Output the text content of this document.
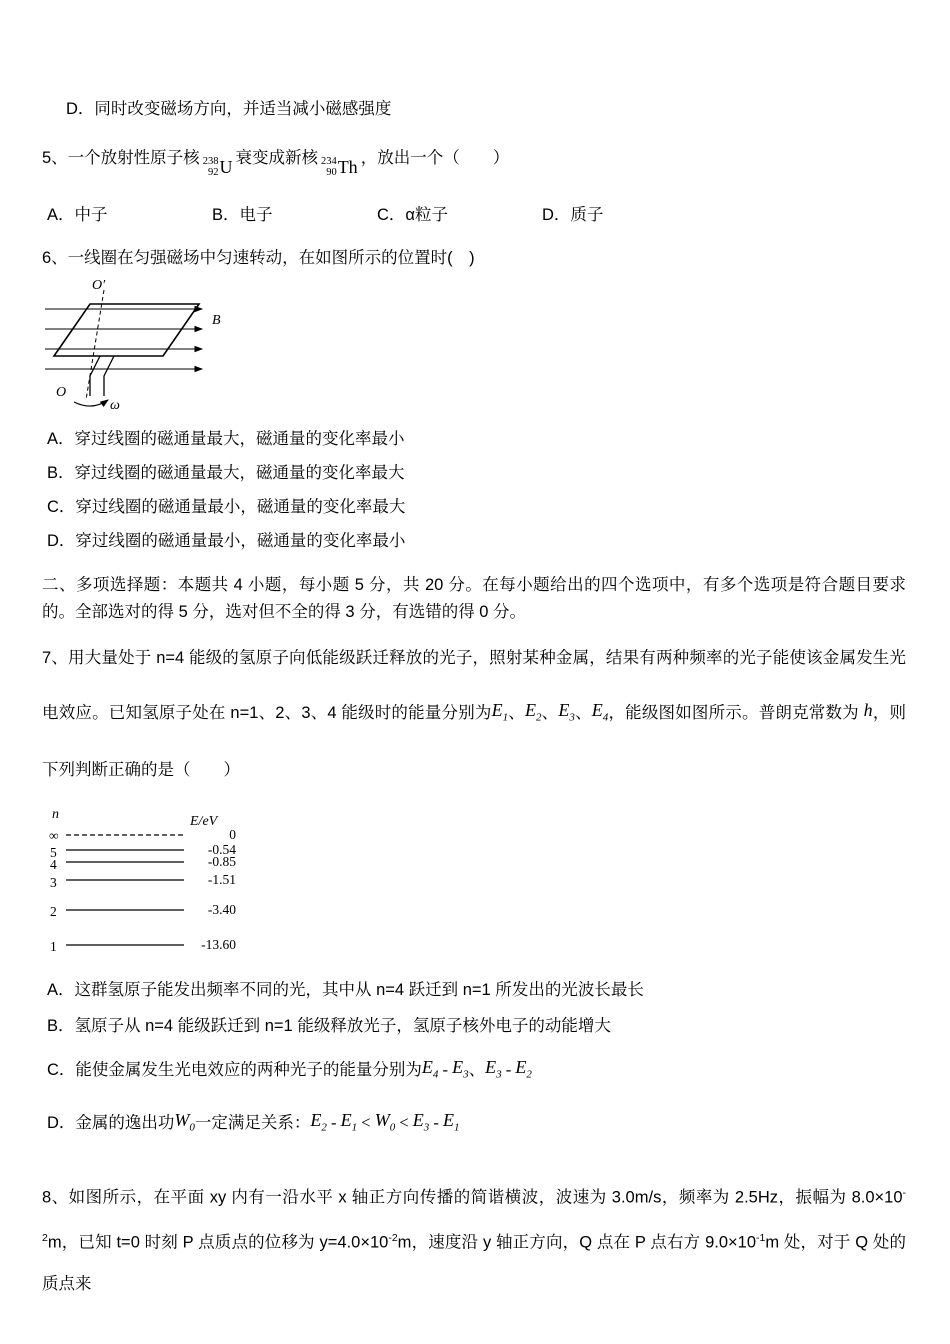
D．同时改变磁场方向，并适当减小磁感强度

5、一个放射性原子核 238
92 U 衰变成新核 234
90 Th ，放出一个（　　）

A．中子	B．电子	C．α粒子	D．质子

6、一线圈在匀强磁场中匀速转动，在如图所示的位置时(　)

O′
B
O
ω

A．穿过线圈的磁通量最大，磁通量的变化率最小

B．穿过线圈的磁通量最大，磁通量的变化率最大

C．穿过线圈的磁通量最小，磁通量的变化率最大

D．穿过线圈的磁通量最小，磁通量的变化率最小

二、多项选择题：本题共 4 小题，每小题 5 分，共 20 分。在每小题给出的四个选项中，有多个选项是符合题目要求的。全部选对的得 5 分，选对但不全的得 3 分，有选错的得 0 分。

7、用大量处于 n=4 能级的氢原子向低能级跃迁释放的光子，照射某种金属，结果有两种频率的光子能使该金属发生光电效应。已知氢原子处在 n=1、2、3、4 能级时的能量分别为$E_1$、$E_2$、$E_3$、$E_4$，能级图如图所示。普朗克常数为 h，则下列判断正确的是（　　）

n	E/eV
∞
5
4
3
2
1
0
-0.54
-0.85
-1.51
-3.40
-13.60

A．这群氢原子能发出频率不同的光，其中从 n=4 跃迁到 n=1 所发出的光波长最长

B．氢原子从 n=4 能级跃迁到 n=1 能级释放光子，氢原子核外电子的动能增大

C．能使金属发生光电效应的两种光子的能量分别为$E_4 - E_3$、$E_3 - E_2$

D．金属的逸出功$W_0$一定满足关系：$E_2 - E_1 < W_0 < E_3 - E_1$

8、如图所示，在平面 xy 内有一沿水平 x 轴正方向传播的简谐横波，波速为 3.0m/s，频率为 2.5Hz，振幅为 $8.0\times 10^{-2}m$，已知 t=0 时刻 P 点质点的位移为 $y=4.0\times 10^{-2}m$，速度沿 y 轴正方向，Q 点在 P 点右方 $9.0\times 10^{-1}m$ 处，对于 Q 处的质点来
